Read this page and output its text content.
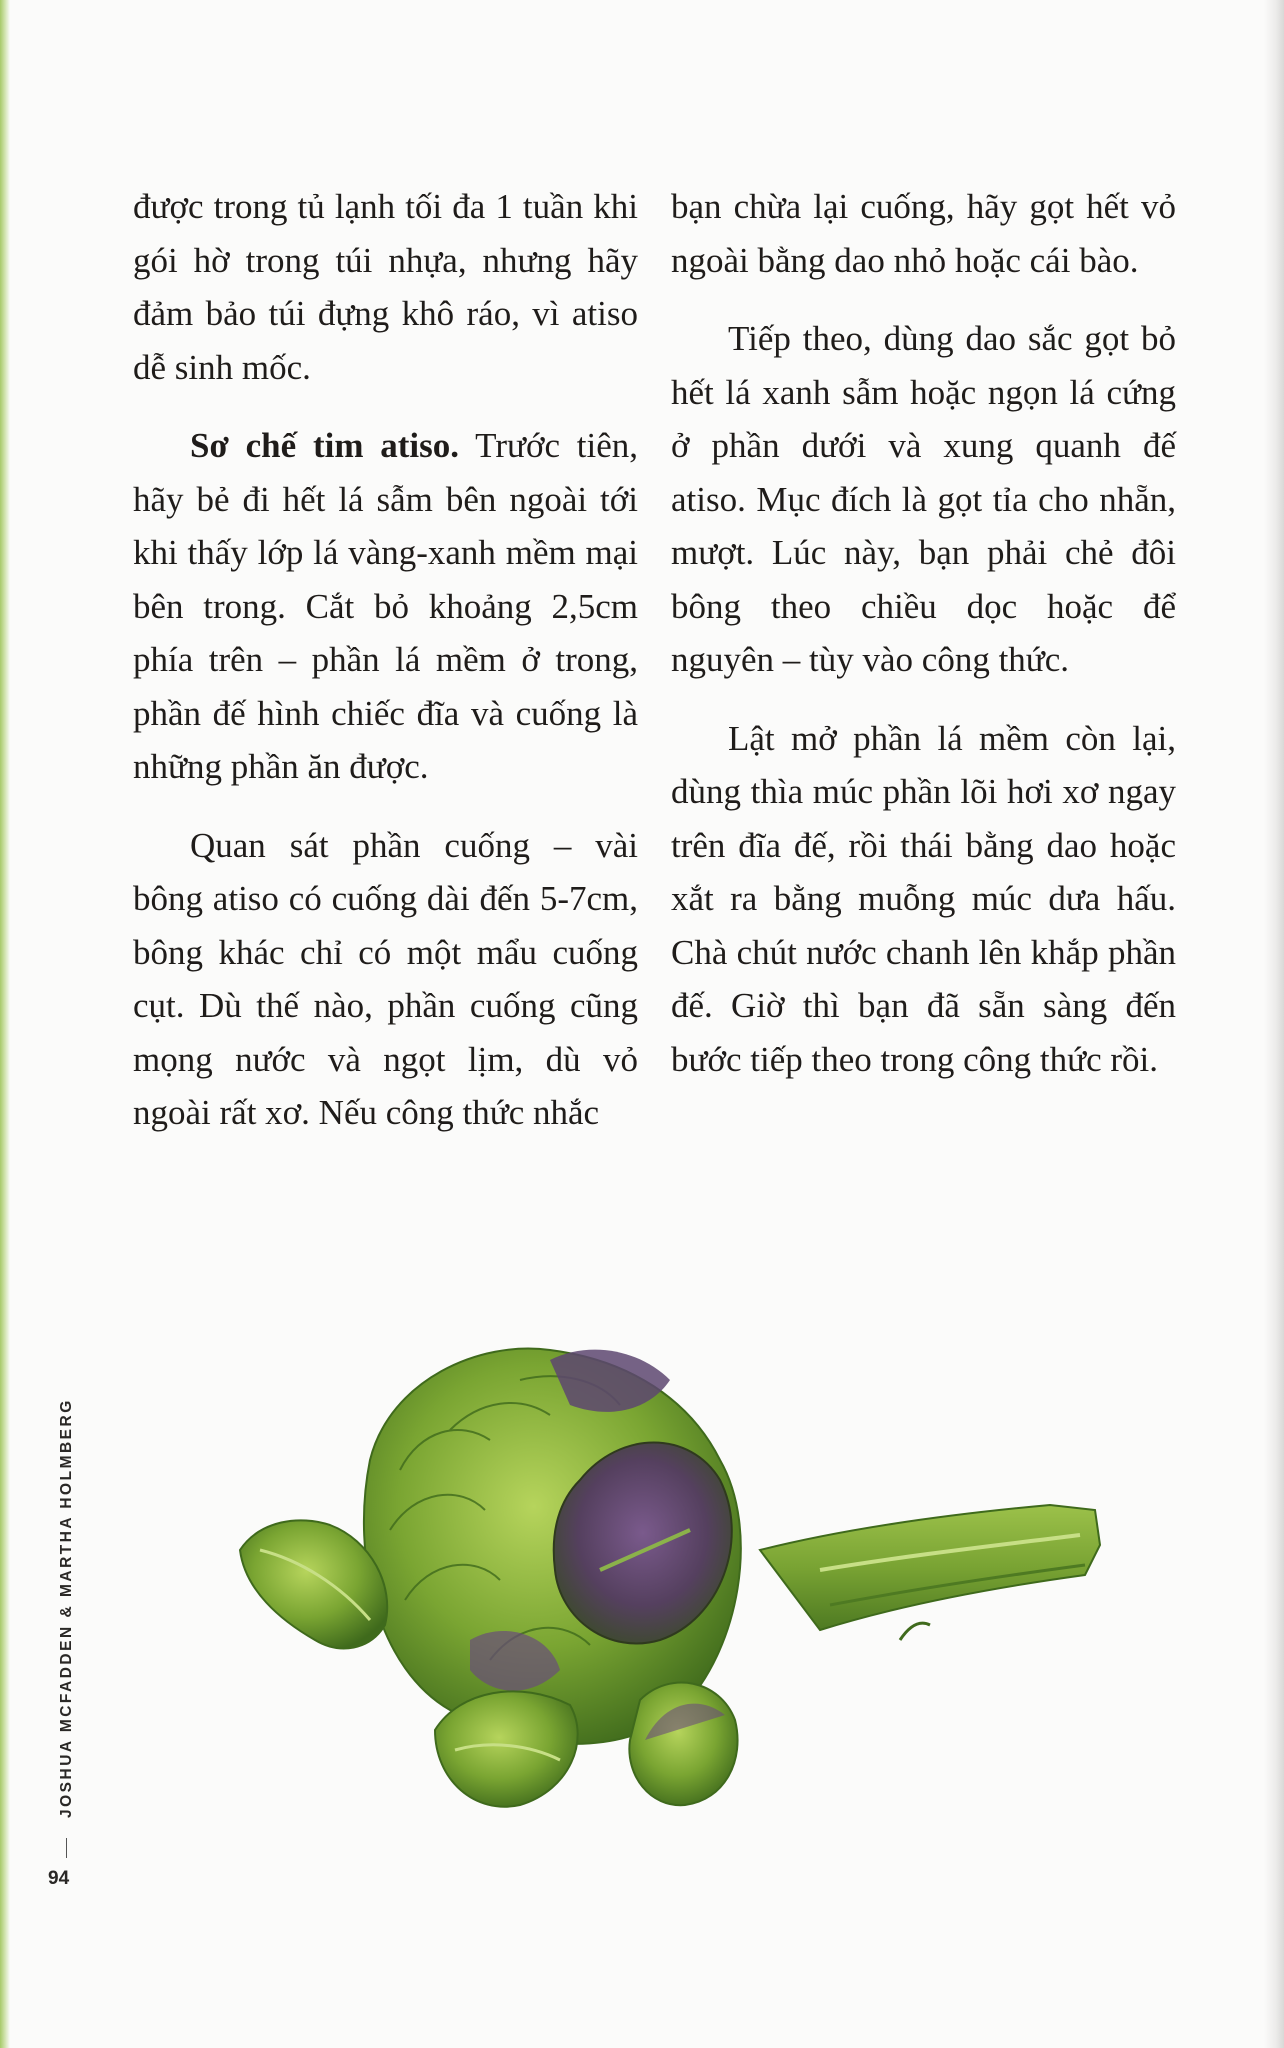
được trong tủ lạnh tối đa 1 tuần khi gói hờ trong túi nhựa, nhưng hãy đảm bảo túi đựng khô ráo, vì atiso dễ sinh mốc.

Sơ chế tim atiso. Trước tiên, hãy bẻ đi hết lá sẫm bên ngoài tới khi thấy lớp lá vàng-xanh mềm mại bên trong. Cắt bỏ khoảng 2,5cm phía trên – phần lá mềm ở trong, phần đế hình chiếc đĩa và cuống là những phần ăn được.

Quan sát phần cuống – vài bông atiso có cuống dài đến 5-7cm, bông khác chỉ có một mẩu cuống cụt. Dù thế nào, phần cuống cũng mọng nước và ngọt lịm, dù vỏ ngoài rất xơ. Nếu công thức nhắc

bạn chừa lại cuống, hãy gọt hết vỏ ngoài bằng dao nhỏ hoặc cái bào.

Tiếp theo, dùng dao sắc gọt bỏ hết lá xanh sẫm hoặc ngọn lá cứng ở phần dưới và xung quanh đế atiso. Mục đích là gọt tỉa cho nhẵn, mượt. Lúc này, bạn phải chẻ đôi bông theo chiều dọc hoặc để nguyên – tùy vào công thức.

Lật mở phần lá mềm còn lại, dùng thìa múc phần lõi hơi xơ ngay trên đĩa đế, rồi thái bằng dao hoặc xắt ra bằng muỗng múc dưa hấu. Chà chút nước chanh lên khắp phần đế. Giờ thì bạn đã sẵn sàng đến bước tiếp theo trong công thức rồi.

JOSHUA MCFADDEN & MARTHA HOLMBERG
94
